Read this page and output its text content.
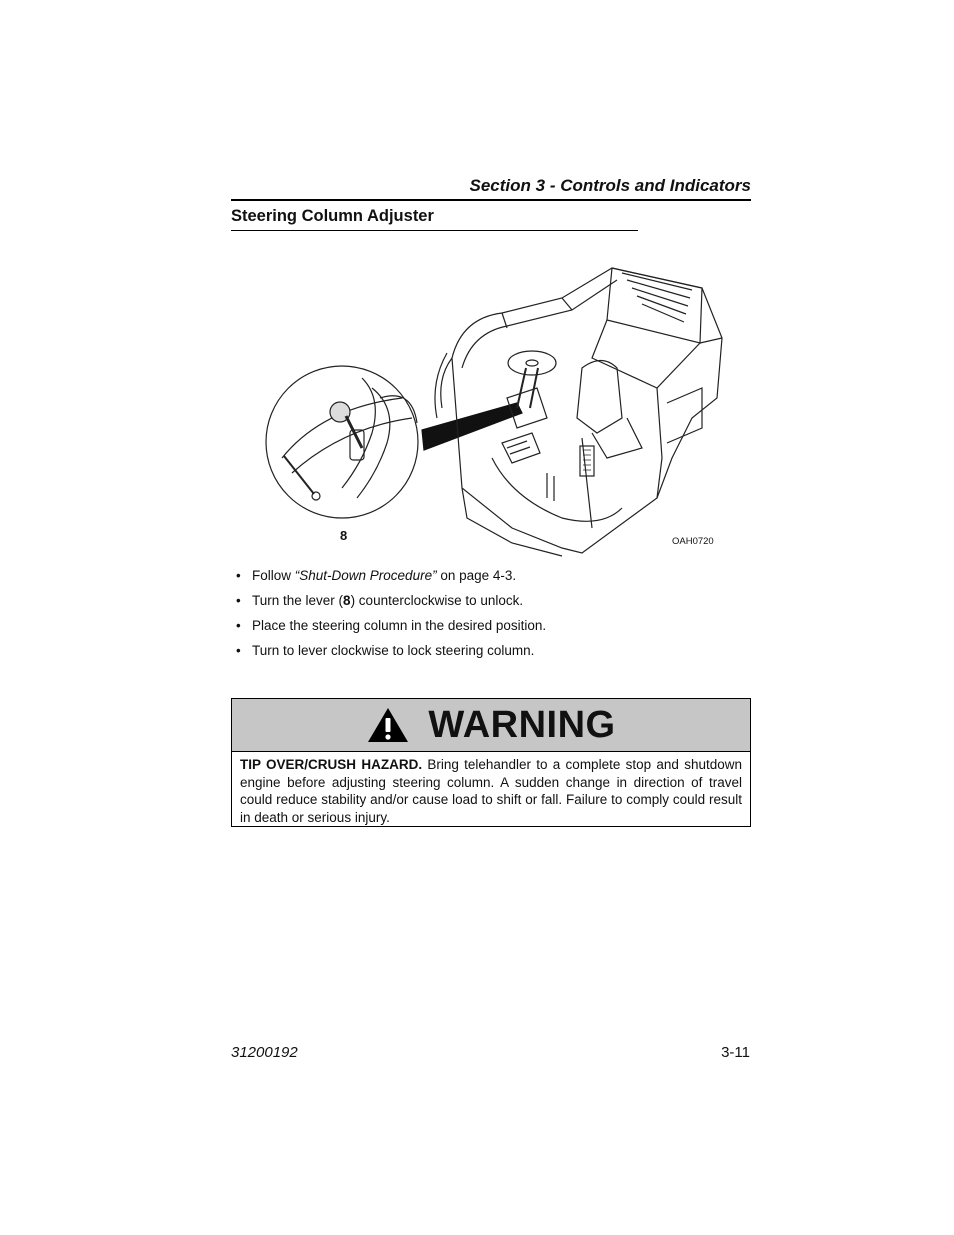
Section 3 - Controls and Indicators
Steering Column Adjuster
8	OAH0720
• Follow “Shut-Down Procedure” on page 4-3.
• Turn the lever (8) counterclockwise to unlock.
• Place the steering column in the desired position.
• Turn to lever clockwise to lock steering column.
WARNING
TIP OVER/CRUSH HAZARD. Bring telehandler to a complete stop and shutdown engine before adjusting steering column. A sudden change in direction of travel could reduce stability and/or cause load to shift or fall. Failure to comply could result in death or serious injury.
31200192	3-11
